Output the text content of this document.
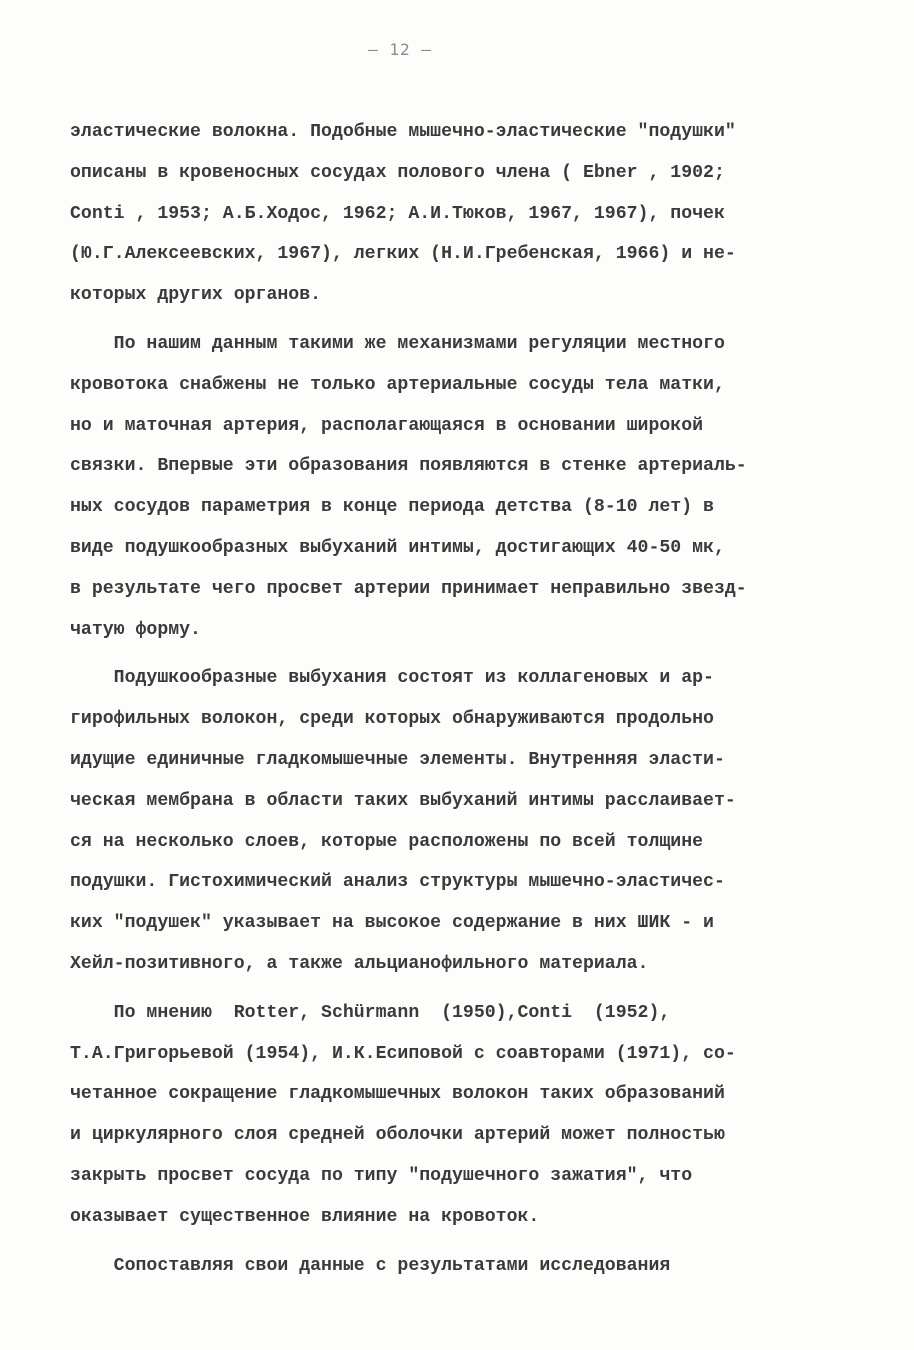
– 12 –
эластические волокна. Подобные мышечно-эластические "подушки"
описаны в кровеносных сосудах полового члена ( Ebner , 1902;
Conti , 1953; А.Б.Ходос, 1962; А.И.Тюков, 1967, 1967), почек
(Ю.Г.Алексеевских, 1967), легких (Н.И.Гребенская, 1966) и не-
которых других органов.
По нашим данным такими же механизмами регуляции местного
кровотока снабжены не только артериальные сосуды тела матки,
но и маточная артерия, располагающаяся в основании широкой
связки. Впервые эти образования появляются в стенке артериаль-
ных сосудов параметрия в конце периода детства (8-10 лет) в
виде подушкообразных выбуханий интимы, достигающих 40-50 мк,
в результате чего просвет артерии принимает неправильно звезд-
чатую форму.
Подушкообразные выбухания состоят из коллагеновых и ар-
гирофильных волокон, среди которых обнаруживаются продольно
идущие единичные гладкомышечные элементы. Внутренняя эласти-
ческая мембрана в области таких выбуханий интимы расслаивает-
ся на несколько слоев, которые расположены по всей толщине
подушки. Гистохимический анализ структуры мышечно-эластичес-
ких "подушек" указывает на высокое содержание в них ШИК - и
Хейл-позитивного, а также альцианофильного материала.
По мнению  Rotter, Schürmann  (1950),Conti  (1952),
Т.А.Григорьевой (1954), И.К.Есиповой с соавторами (1971), со-
четанное сокращение гладкомышечных волокон таких образований
и циркулярного слоя средней оболочки артерий может полностью
закрыть просвет сосуда по типу "подушечного зажатия", что
оказывает существенное влияние на кровоток.
Сопоставляя свои данные с результатами исследования
